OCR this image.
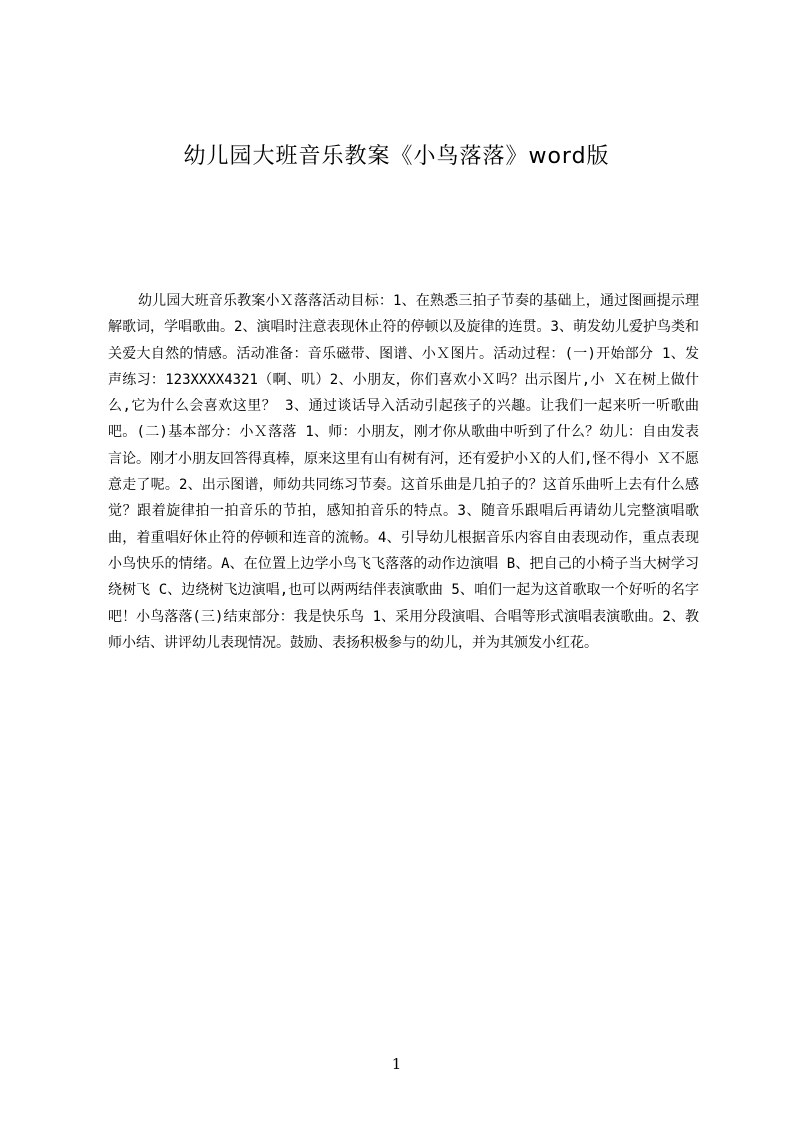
幼儿园大班音乐教案《小鸟落落》word版

幼儿园大班音乐教案小Ｘ落落活动目标：1、在熟悉三拍子节奏的基础上，通过图画提示理解歌词，学唱歌曲。2、演唱时注意表现休止符的停顿以及旋律的连贯。3、萌发幼儿爱护鸟类和关爱大自然的情感。活动准备：音乐磁带、图谱、小Ｘ图片。活动过程：(一)开始部分 1、发声练习：123XXXX4321（啊、叽）2、小朋友，你们喜欢小Ｘ吗？出示图片,小 Ｘ在树上做什么,它为什么会喜欢这里？ 3、通过谈话导入活动引起孩子的兴趣。让我们一起来听一听歌曲吧。(二)基本部分：小Ｘ落落 1、师：小朋友，刚才你从歌曲中听到了什么？幼儿：自由发表言论。刚才小朋友回答得真棒，原来这里有山有树有河，还有爱护小Ｘ的人们,怪不得小 Ｘ不愿意走了呢。2、出示图谱，师幼共同练习节奏。这首乐曲是几拍子的？这首乐曲听上去有什么感觉？跟着旋律拍一拍音乐的节拍，感知拍音乐的特点。3、随音乐跟唱后再请幼儿完整演唱歌曲，着重唱好休止符的停顿和连音的流畅。4、引导幼儿根据音乐内容自由表现动作，重点表现小鸟快乐的情绪。A、在位置上边学小鸟飞飞落落的动作边演唱 B、把自己的小椅子当大树学习绕树飞 C、边绕树飞边演唱,也可以两两结伴表演歌曲 5、咱们一起为这首歌取一个好听的名字吧！小鸟落落(三)结束部分：我是快乐鸟 1、采用分段演唱、合唱等形式演唱表演歌曲。2、教师小结、讲评幼儿表现情况。鼓励、表扬积极参与的幼儿，并为其颁发小红花。

1
